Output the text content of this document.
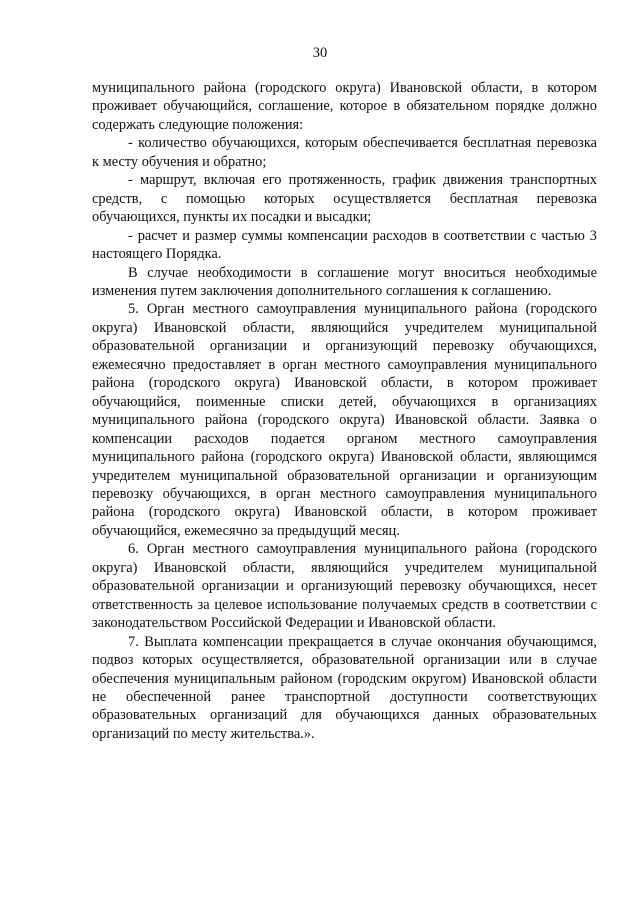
30

муниципального района (городского округа) Ивановской области, в котором проживает обучающийся, соглашение, которое в обязательном порядке должно содержать следующие положения:

- количество обучающихся, которым обеспечивается бесплатная перевозка к месту обучения и обратно;

- маршрут, включая его протяженность, график движения транспортных средств, с помощью которых осуществляется бесплатная перевозка обучающихся, пункты их посадки и высадки;

- расчет и размер суммы компенсации расходов в соответствии с частью 3 настоящего Порядка.

В случае необходимости в соглашение могут вноситься необходимые изменения путем заключения дополнительного соглашения к соглашению.

5. Орган местного самоуправления муниципального района (городского округа) Ивановской области, являющийся учредителем муниципальной образовательной организации и организующий перевозку обучающихся, ежемесячно предоставляет в орган местного самоуправления муниципального района (городского округа) Ивановской области, в котором проживает обучающийся, поименные списки детей, обучающихся в организациях муниципального района (городского округа) Ивановской области. Заявка о компенсации расходов подается органом местного самоуправления муниципального района (городского округа) Ивановской области, являющимся учредителем муниципальной образовательной организации и организующим перевозку обучающихся, в орган местного самоуправления муниципального района (городского округа) Ивановской области, в котором проживает обучающийся, ежемесячно за предыдущий месяц.

6. Орган местного самоуправления муниципального района (городского округа) Ивановской области, являющийся учредителем муниципальной образовательной организации и организующий перевозку обучающихся, несет ответственность за целевое использование получаемых средств в соответствии с законодательством Российской Федерации и Ивановской области.

7. Выплата компенсации прекращается в случае окончания обучающимся, подвоз которых осуществляется, образовательной организации или в случае обеспечения муниципальным районом (городским округом) Ивановской области не обеспеченной ранее транспортной доступности соответствующих образовательных организаций для обучающихся данных образовательных организаций по месту жительства.».
